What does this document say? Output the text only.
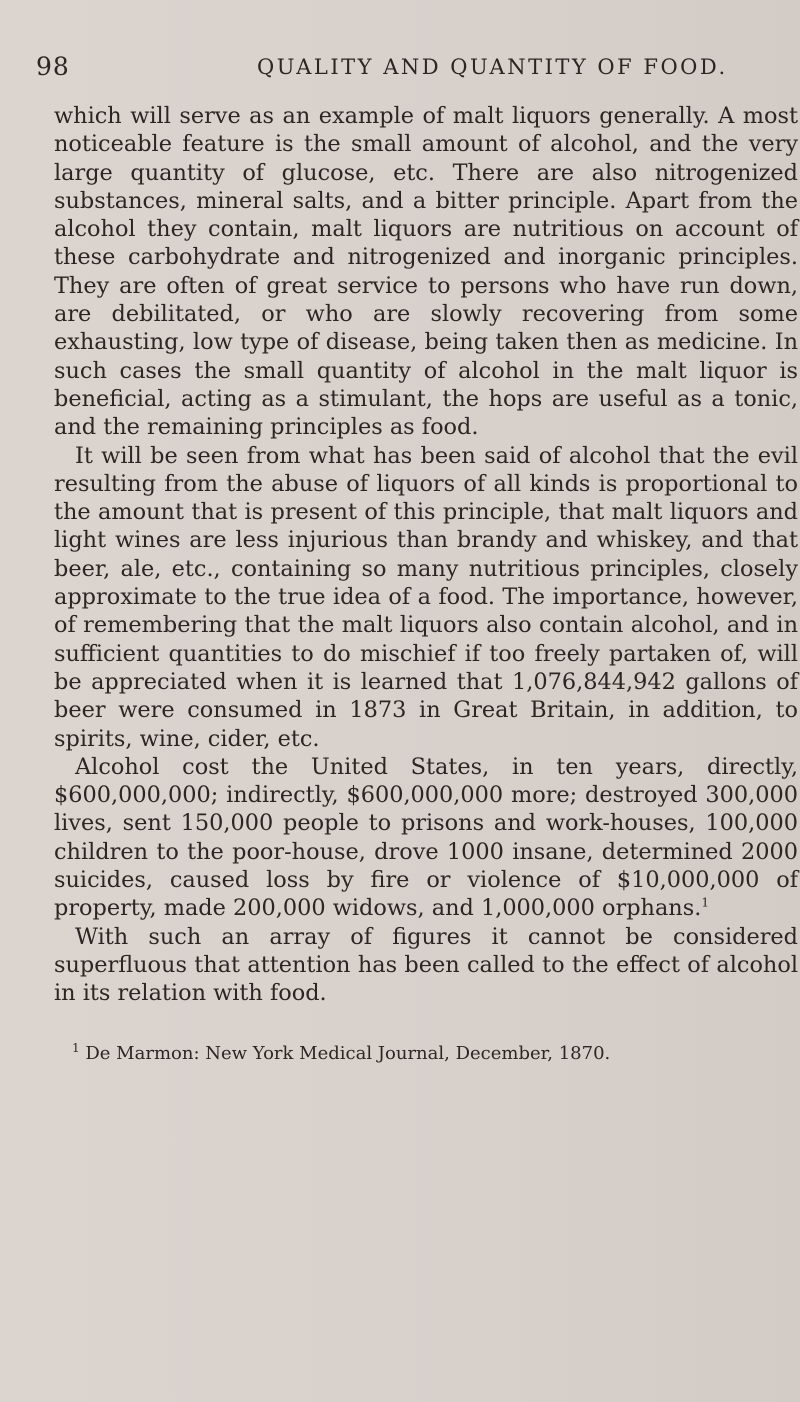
98	QUALITY AND QUANTITY OF FOOD.

which will serve as an example of malt liquors generally. A most noticeable feature is the small amount of alcohol, and the very large quantity of glucose, etc. There are also nitrogenized substances, mineral salts, and a bitter principle. Apart from the alcohol they contain, malt liquors are nutritious on account of these carbohydrate and nitrogenized and inorganic principles. They are often of great service to persons who have run down, are debilitated, or who are slowly recovering from some exhausting, low type of disease, being taken then as medicine. In such cases the small quantity of alcohol in the malt liquor is beneficial, acting as a stimulant, the hops are useful as a tonic, and the remaining principles as food.

It will be seen from what has been said of alcohol that the evil resulting from the abuse of liquors of all kinds is proportional to the amount that is present of this principle, that malt liquors and light wines are less injurious than brandy and whiskey, and that beer, ale, etc., containing so many nutritious principles, closely approximate to the true idea of a food. The importance, however, of remembering that the malt liquors also contain alcohol, and in sufficient quantities to do mischief if too freely partaken of, will be appreciated when it is learned that 1,076,844,942 gallons of beer were consumed in 1873 in Great Britain, in addition, to spirits, wine, cider, etc.

Alcohol cost the United States, in ten years, directly, $600,000,000; indirectly, $600,000,000 more; destroyed 300,000 lives, sent 150,000 people to prisons and work-houses, 100,000 children to the poor-house, drove 1000 insane, determined 2000 suicides, caused loss by fire or violence of $10,000,000 of property, made 200,000 widows, and 1,000,000 orphans.$^1$

With such an array of figures it cannot be considered superfluous that attention has been called to the effect of alcohol in its relation with food.

$^1$ De Marmon: New York Medical Journal, December, 1870.
